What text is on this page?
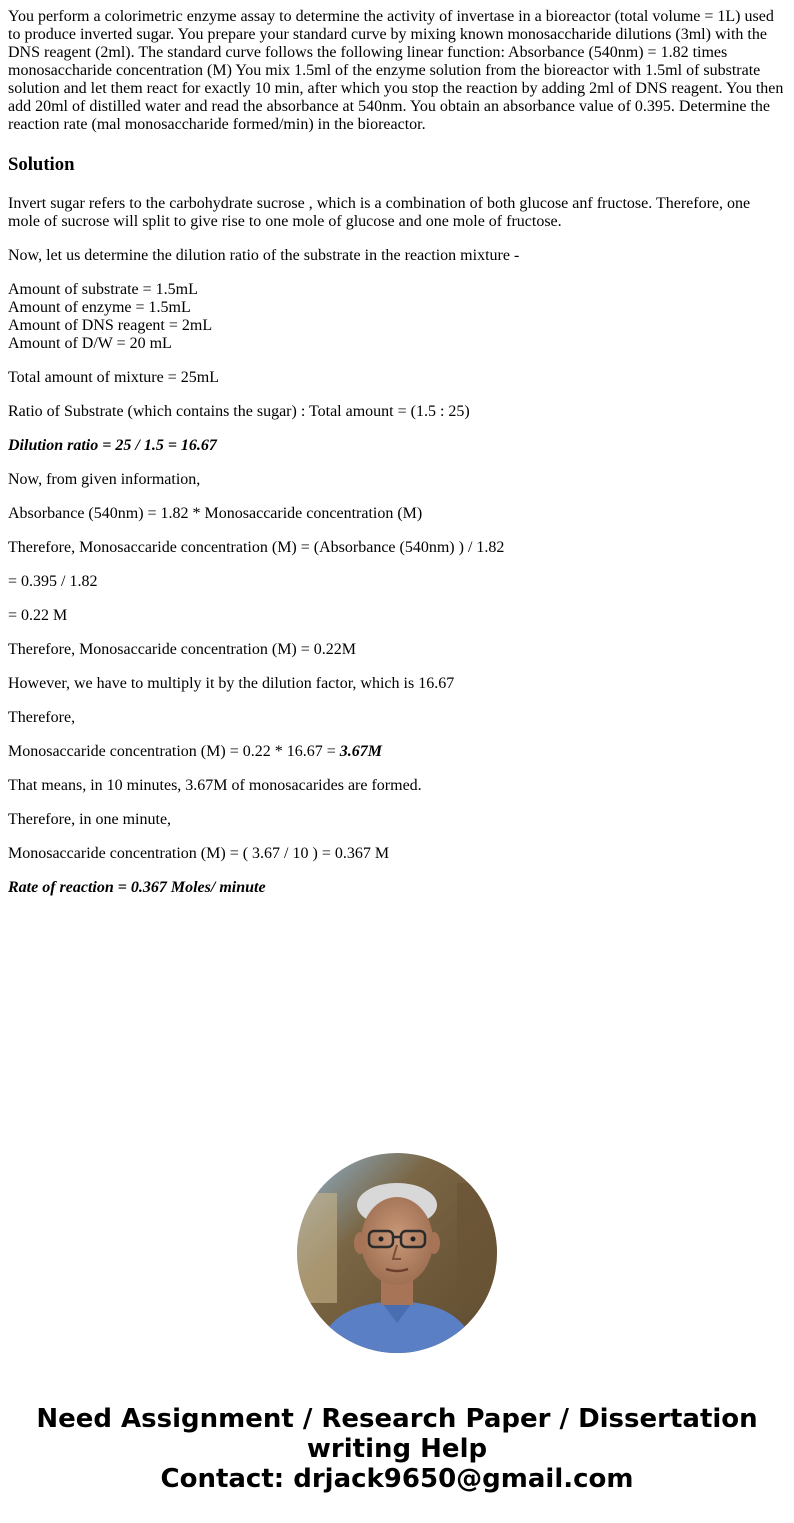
You perform a colorimetric enzyme assay to determine the activity of invertase in a bioreactor (total volume = 1L) used to produce inverted sugar. You prepare your standard curve by mixing known monosaccharide dilutions (3ml) with the DNS reagent (2ml). The standard curve follows the following linear function: Absorbance (540nm) = 1.82 times monosaccharide concentration (M) You mix 1.5ml of the enzyme solution from the bioreactor with 1.5ml of substrate solution and let them react for exactly 10 min, after which you stop the reaction by adding 2ml of DNS reagent. You then add 20ml of distilled water and read the absorbance at 540nm. You obtain an absorbance value of 0.395. Determine the reaction rate (mal monosaccharide formed/min) in the bioreactor.

Solution

Invert sugar refers to the carbohydrate sucrose , which is a combination of both glucose anf fructose. Therefore, one mole of sucrose will split to give rise to one mole of glucose and one mole of fructose.

Now, let us determine the dilution ratio of the substrate in the reaction mixture -

Amount of substrate = 1.5mL
Amount of enzyme = 1.5mL
Amount of DNS reagent = 2mL
Amount of D/W = 20 mL

Total amount of mixture = 25mL

Ratio of Substrate (which contains the sugar) : Total amount = (1.5 : 25)

Dilution ratio = 25 / 1.5 = 16.67

Now, from given information,

Absorbance (540nm) = 1.82 * Monosaccaride concentration (M)

Therefore, Monosaccaride concentration (M) = (Absorbance (540nm) ) / 1.82

= 0.395 / 1.82

= 0.22 M

Therefore, Monosaccaride concentration (M) = 0.22M

However, we have to multiply it by the dilution factor, which is 16.67

Therefore,

Monosaccaride concentration (M) = 0.22 * 16.67 = 3.67M

That means, in 10 minutes, 3.67M of monosacarides are formed.

Therefore, in one minute,

Monosaccaride concentration (M) = ( 3.67 / 10 ) = 0.367 M

Rate of reaction = 0.367 Moles/ minute

Need Assignment / Research Paper / Dissertation
writing Help
Contact: drjack9650@gmail.com
